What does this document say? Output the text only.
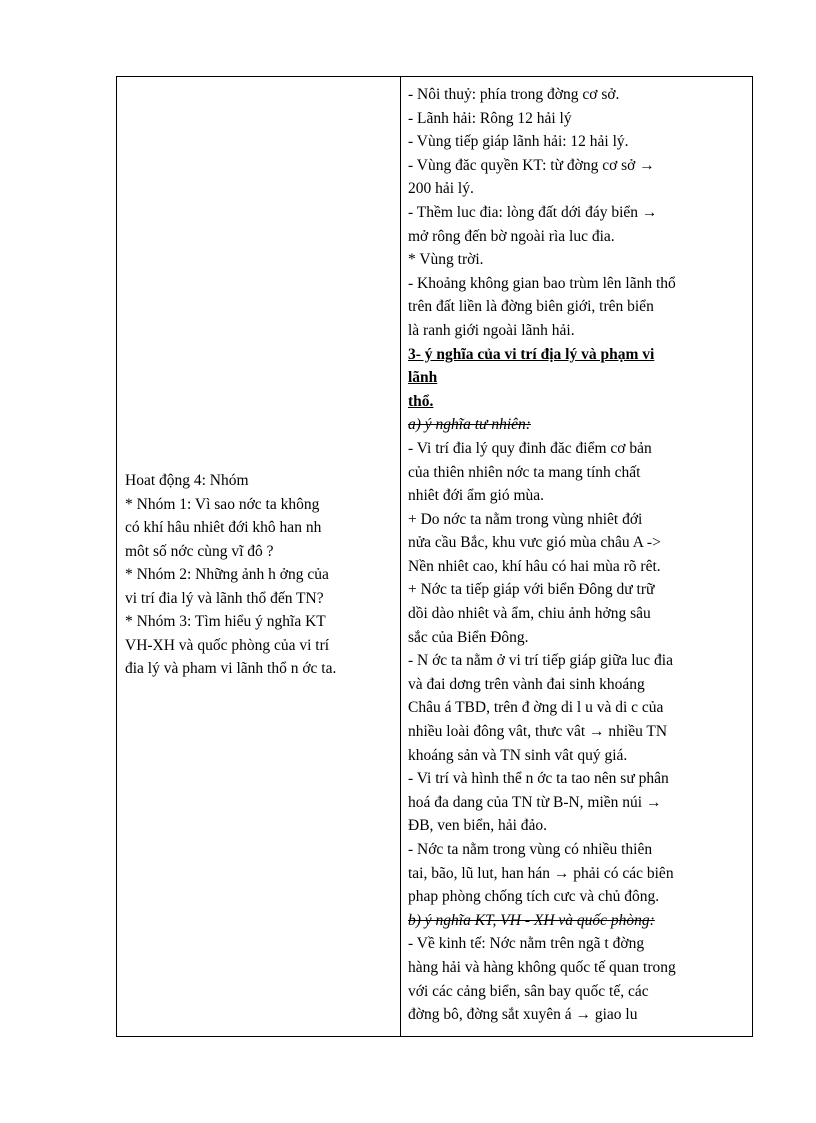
Hoat động 4: Nhóm
* Nhóm 1: Vì sao nớc ta không
có khí hâu nhiêt đới khô han nh
môt số nớc cùng vĩ đô ?
* Nhóm 2: Những ảnh h ởng của
vi trí đia lý và lãnh thổ đến TN?
* Nhóm 3: Tìm hiểu ý nghĩa KT
VH-XH và quốc phòng của vi trí
đia lý và pham vi lãnh thổ n ớc ta.
- Nôi thuỷ: phía trong đờng cơ sở.
- Lãnh hải: Rông 12 hải lý
- Vùng tiếp giáp lãnh hải: 12 hải lý.
- Vùng đăc quyền KT: từ đờng cơ sở →
200 hải lý.
- Thềm luc đia: lòng đất dới đáy biển →
mở rông đến bờ ngoài rìa luc đia.
* Vùng trời.
- Khoảng không gian bao trùm lên lãnh thổ
trên đất liền là đờng biên giới, trên biển
là ranh giới ngoài lãnh hải.
3- ý nghĩa của vi trí địa lý và phạm vi
lãnh
thổ.
a) ý nghĩa tư nhiên:
- Vi trí đia lý quy đinh đăc điểm cơ bản
của thiên nhiên nớc ta mang tính chất
nhiêt đới ẩm gió mùa.
+ Do nớc ta nằm trong vùng nhiêt đới
nửa cầu Bắc, khu vưc gió mùa châu A ->
Nền nhiêt cao, khí hâu có hai mùa rõ rêt.
+ Nớc ta tiếp giáp với biển Đông dư trữ
dồi dào nhiêt và ẩm, chiu ảnh hởng sâu
sắc của Biển Đông.
- N ớc ta nằm ở vi trí tiếp giáp giữa luc đia
và đai dơng trên vành đai sinh khoáng
Châu á TBD, trên đ ờng di l u và di c của
nhiều loài đông vât, thưc vât → nhiều TN
khoáng sản và TN sinh vât quý giá.
- Vi trí và hình thể n ớc ta tao nên sư phân
hoá đa dang của TN từ B-N, miền núi →
ĐB, ven biển, hải đảo.
- Nớc ta nằm trong vùng có nhiều thiên
tai, bão, lũ lut, han hán → phải có các biên
phap phòng chống tích cưc và chủ đông.
b) ý nghĩa KT, VH - XH và quốc phòng:
- Về kinh tế: Nớc nằm trên ngã t đờng
hàng hải và hàng không quốc tế quan trong
với các cảng biển, sân bay quốc tế, các
đờng bô, đờng sắt xuyên á → giao lu
